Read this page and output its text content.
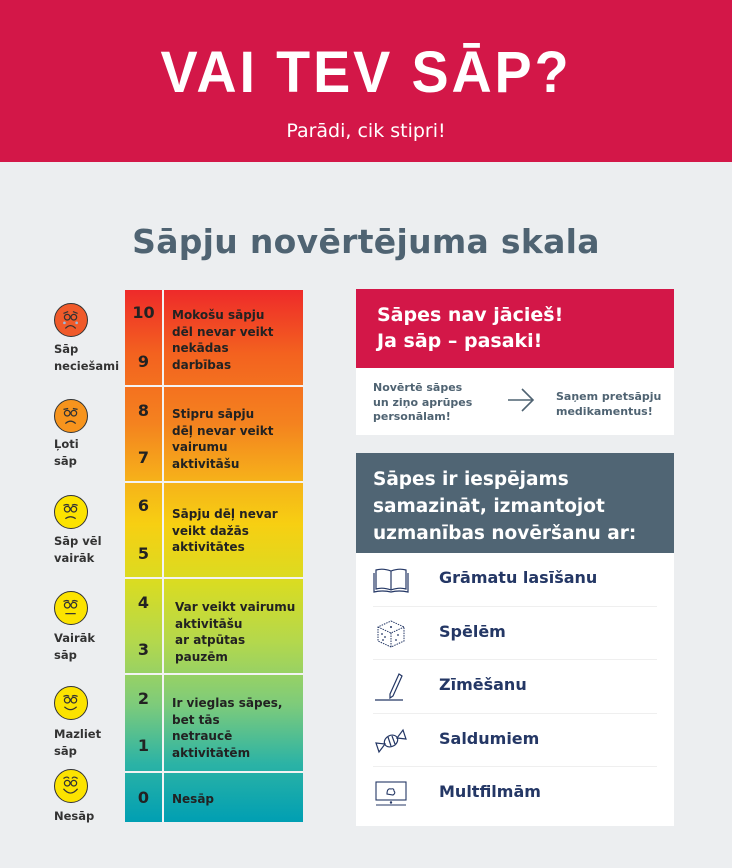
VAI TEV SĀP?
Parādi, cik stipri!
Sāpju novērtējuma skala
Sāp
neciešami
Ļoti
sāp
Sāp vēl
vairāk
Vairāk
sāp
Mazliet
sāp
Nesāp
10
9
Mokošu sāpju
dēl nevar veikt
nekādas
darbības
8
7
Stipru sāpju
dēļ nevar veikt
vairumu
aktivitāšu
6
5
Sāpju dēļ nevar
veikt dažās
aktivitātes
4
3
Var veikt vairumu
aktivitāšu
ar atpūtas
pauzēm
2
1
Ir vieglas sāpes,
bet tās
netraucē
aktivitātēm
0	Nesāp
Sāpes nav jācieš!
Ja sāp – pasaki!
Novērtē sāpes
un ziņo aprūpes
personālam!
Saņem pretsāpju
medikamentus!
Sāpes ir iespējams
samazināt, izmantojot
uzmanības novēršanu ar:
Grāmatu lasīšanu
Spēlēm
Zīmēšanu
Saldumiem
Multfilmām
